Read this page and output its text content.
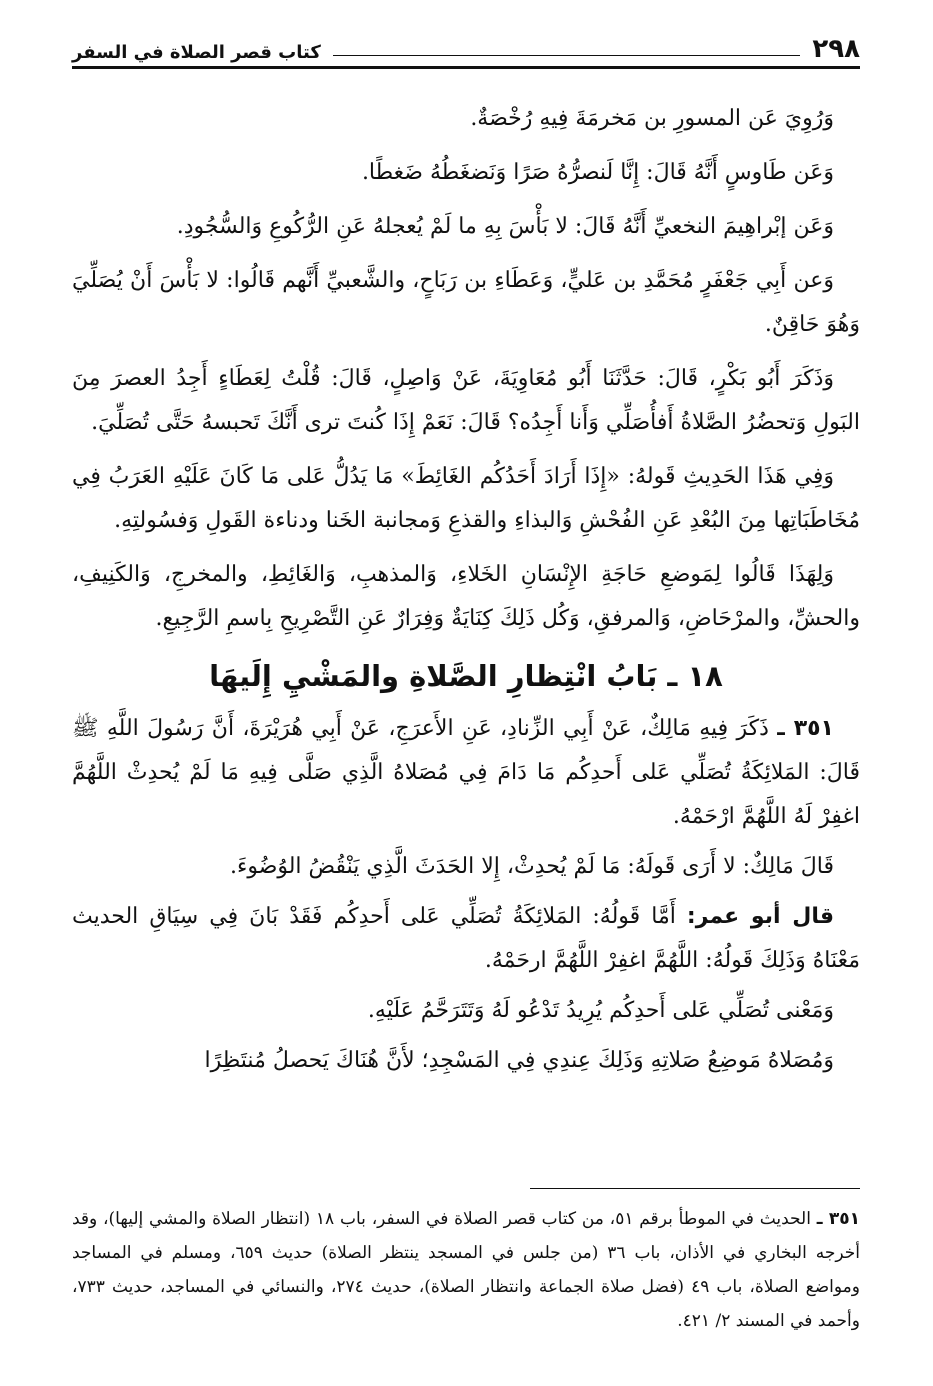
٢٩٨
كتاب قصر الصلاة في السفر

وَرُوِيَ عَن المسورِ بن مَخرمَةَ فِيهِ رُخْصَةٌ.

وَعَن طَاوسٍ أَنَّهُ قَالَ: إِنَّا لَنصرُّهُ صَرًا وَنَضغَطُهُ ضَغطًا.

وَعَن إبْراهِيمَ النخعيِّ أَنَّهُ قَالَ: لا بَأْسَ بِهِ ما لَمْ يُعجلهُ عَنِ الرُّكُوعِ وَالسُّجُودِ.

وَعن أَبِي جَعْفَرٍ مُحَمَّدِ بن عَليٍّ، وَعَطَاءِ بن رَبَاحٍ، والشَّعبيِّ أَنَّهم قَالُوا: لا بَأْسَ أَنْ يُصَلِّيَ وَهُوَ حَاقِنٌ.

وَذَكَرَ أَبُو بَكْرٍ، قَالَ: حَدَّثَنَا أَبُو مُعَاوِيَةَ، عَنْ وَاصِلٍ، قَالَ: قُلْتُ لِعَطَاءٍ أَجِدُ العصرَ مِنَ البَولِ وَتحضُرُ الصَّلاةُ أَفأُصَلِّي وَأَنا أَجِدُه؟ قَالَ: نَعَمْ إِذَا كُنتَ ترى أَنَّكَ تَحبسهُ حَتَّى تُصَلِّيَ.

وَفِي هَذَا الحَدِيثِ قَولهُ: «إِذَا أَرَادَ أَحَدُكُم الغَائِطَ» مَا يَدُلُّ عَلى مَا كَانَ عَلَيْهِ العَرَبُ فِي مُخَاطَبَاتِها مِنَ البُعْدِ عَنِ الفُحْشِ وَالبذاءِ والقذعِ وَمجانبة الخَنا ودناءة القَولِ وَفسُولتِهِ.

وَلِهَذَا قَالُوا لِمَوضعِ حَاجَةِ الإِنْسَانِ الخَلاءِ، وَالمذهبِ، وَالغَائِطِ، والمخرجِ، وَالكَنِيفِ، والحشِّ، والمرْحَاضِ، وَالمرفقِ، وَكُل ذَلِكَ كِنَايَةٌ وَفِرَارٌ عَنِ التَّصْرِيحِ بِاسمِ الرَّجِيعِ.

١٨ ـ بَابُ انْتِظارِ الصَّلاةِ والمَشْيِ إِلَيهَا

٣٥١ ـ ذَكَرَ فِيهِ مَالِكٌ، عَنْ أَبِي الزِّنادِ، عَنِ الأَعرَجِ، عَنْ أَبِي هُرَيْرَةَ، أَنَّ رَسُولَ اللَّهِ ﷺ قَالَ: المَلائِكَةُ تُصَلِّي عَلى أَحدِكُم مَا دَامَ فِي مُصَلاهُ الَّذِي صَلَّى فِيهِ مَا لَمْ يُحدِثْ اللَّهُمَّ اغفِرْ لَهُ اللَّهُمَّ ارْحَمْهُ.

قَالَ مَالِكٌ: لا أَرَى قَولَهُ: مَا لَمْ يُحدِثْ، إِلا الحَدَثَ الَّذِي يَنْقُضُ الوُضُوءَ.

قال أبو عمر: أَمَّا قَولُهُ: المَلائِكَةُ تُصَلِّي عَلى أَحدِكُم فَقَدْ بَانَ فِي سِيَاقِ الحديث مَعْنَاهُ وَذَلِكَ قَولُهُ: اللَّهُمَّ اغفِرْ اللَّهُمَّ ارحَمْهُ.

وَمَعْنى تُصَلِّي عَلى أَحدِكُم يُرِيدُ تَدْعُو لَهُ وَتَتَرَحَّمُ عَلَيْهِ.

وَمُصَلاهُ مَوضِعُ صَلاتِهِ وَذَلِكَ عِندِي فِي المَسْجِدِ؛ لأَنَّ هُنَاكَ يَحصلُ مُنتَظِرًا

٣٥١ ـ الحديث في الموطأ برقم ٥١، من كتاب قصر الصلاة في السفر، باب ١٨ (انتظار الصلاة والمشي إليها)، وقد أخرجه البخاري في الأذان، باب ٣٦ (من جلس في المسجد ينتظر الصلاة) حديث ٦٥٩، ومسلم في المساجد ومواضع الصلاة، باب ٤٩ (فضل صلاة الجماعة وانتظار الصلاة)، حديث ٢٧٤، والنسائي في المساجد، حديث ٧٣٣، وأحمد في المسند ٢/ ٤٢١.
